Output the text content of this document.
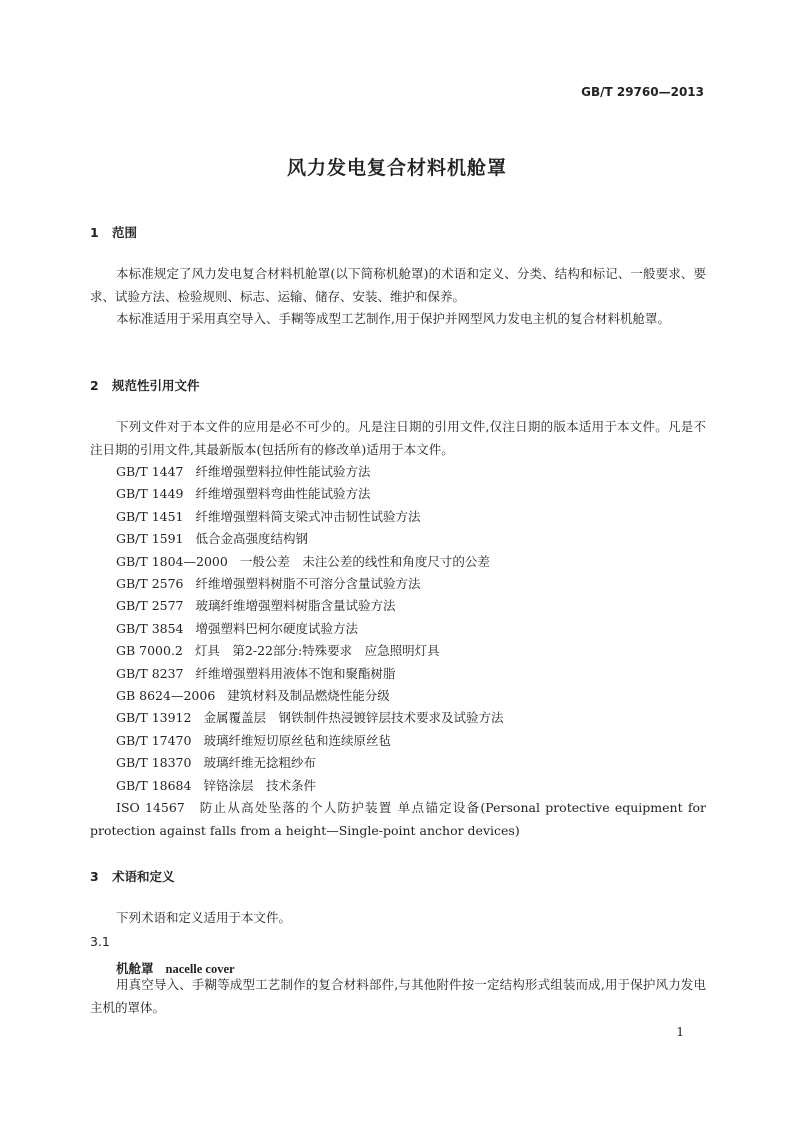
GB/T 29760—2013
风力发电复合材料机舱罩
1 范围
本标准规定了风力发电复合材料机舱罩(以下简称机舱罩)的术语和定义、分类、结构和标记、一般要求、要求、试验方法、检验规则、标志、运输、储存、安装、维护和保养。
本标准适用于采用真空导入、手糊等成型工艺制作,用于保护并网型风力发电主机的复合材料机舱罩。
2 规范性引用文件
下列文件对于本文件的应用是必不可少的。凡是注日期的引用文件,仅注日期的版本适用于本文件。凡是不注日期的引用文件,其最新版本(包括所有的修改单)适用于本文件。
GB/T 1447 纤维增强塑料拉伸性能试验方法
GB/T 1449 纤维增强塑料弯曲性能试验方法
GB/T 1451 纤维增强塑料简支梁式冲击韧性试验方法
GB/T 1591 低合金高强度结构钢
GB/T 1804—2000 一般公差　未注公差的线性和角度尺寸的公差
GB/T 2576 纤维增强塑料树脂不可溶分含量试验方法
GB/T 2577 玻璃纤维增强塑料树脂含量试验方法
GB/T 3854 增强塑料巴柯尔硬度试验方法
GB 7000.2 灯具　第2-22部分:特殊要求　应急照明灯具
GB/T 8237 纤维增强塑料用液体不饱和聚酯树脂
GB 8624—2006 建筑材料及制品燃烧性能分级
GB/T 13912 金属覆盖层　钢铁制件热浸镀锌层技术要求及试验方法
GB/T 17470 玻璃纤维短切原丝毡和连续原丝毡
GB/T 18370 玻璃纤维无捻粗纱布
GB/T 18684 锌铬涂层　技术条件
ISO 14567　防止从高处坠落的个人防护装置 单点锚定设备(Personal protective equipment for protection against falls from a height—Single-point anchor devices)
3 术语和定义
下列术语和定义适用于本文件。
3.1
机舱罩 nacelle cover
用真空导入、手糊等成型工艺制作的复合材料部件,与其他附件按一定结构形式组装而成,用于保护风力发电主机的罩体。
1
